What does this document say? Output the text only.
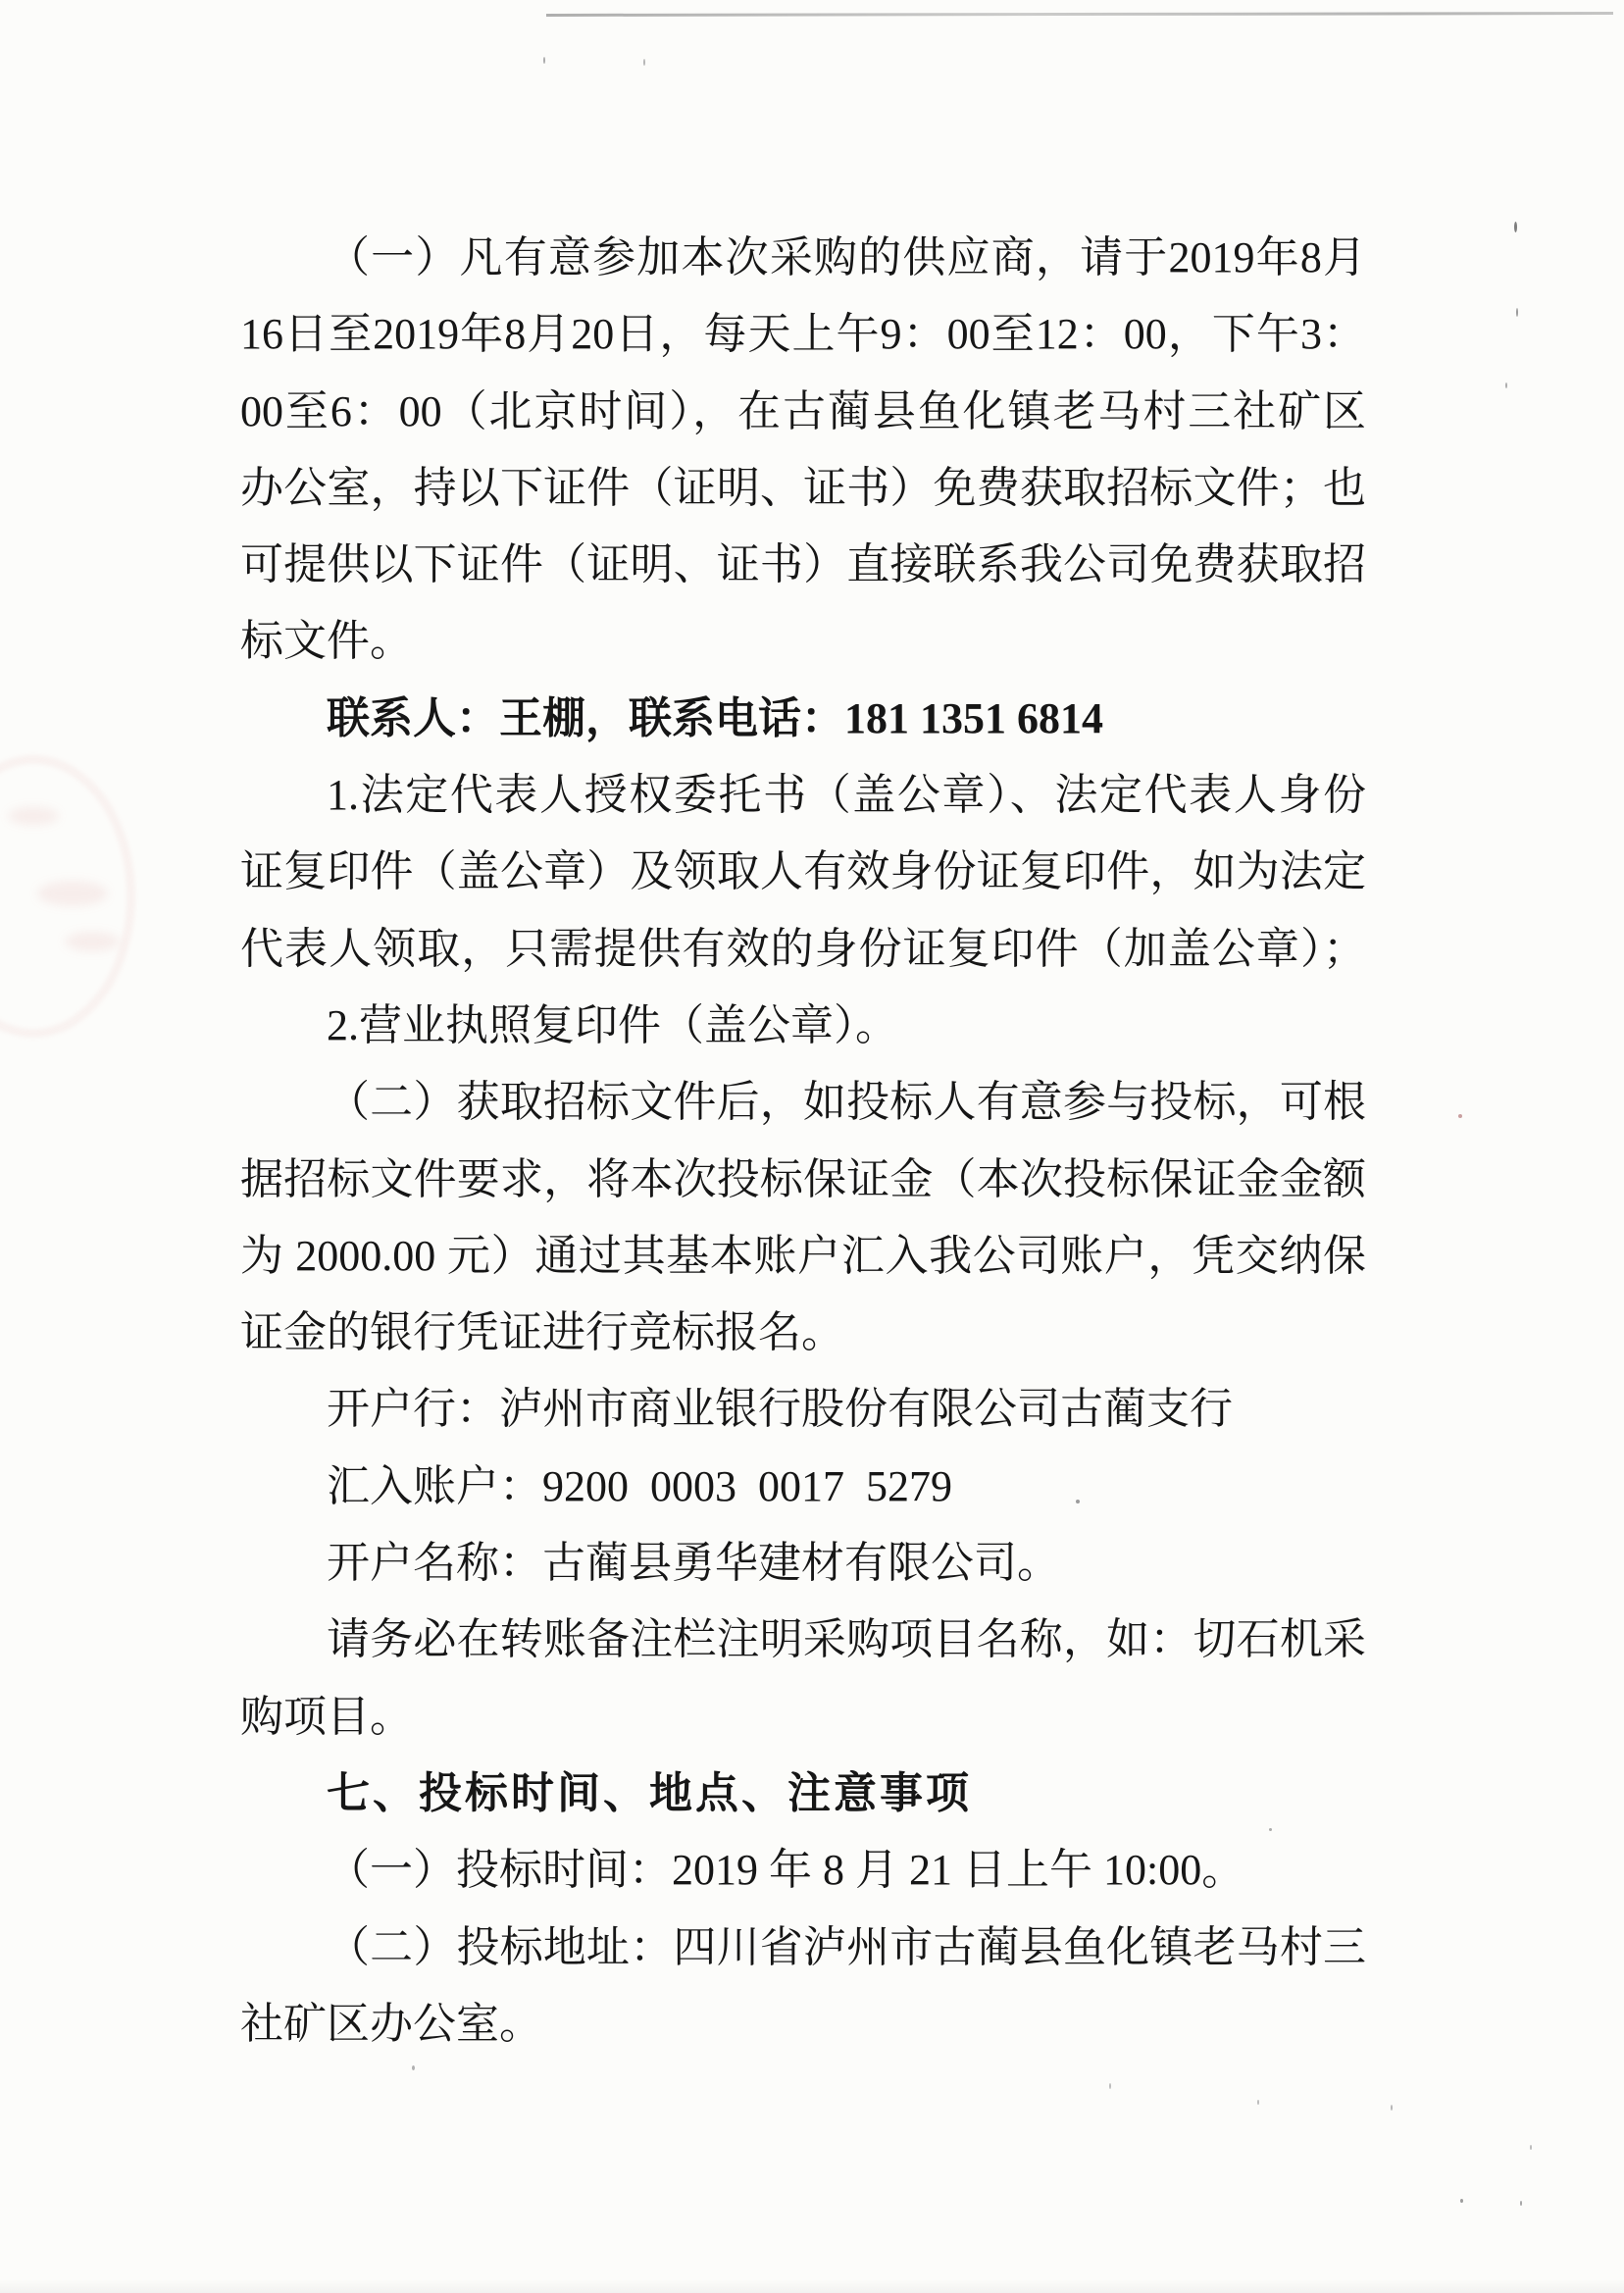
（一）凡有意参加本次采购的供应商，请于2019年8月
16日至2019年8月20日，每天上午9：00至12：00，下午3：
00至6：00（北京时间），在古蔺县鱼化镇老马村三社矿区
办公室，持以下证件（证明、证书）免费获取招标文件；也
可提供以下证件（证明、证书）直接联系我公司免费获取招
标文件。
联系人：王棚，联系电话：181 1351 6814
1.法定代表人授权委托书（盖公章）、法定代表人身份
证复印件（盖公章）及领取人有效身份证复印件，如为法定
代表人领取，只需提供有效的身份证复印件（加盖公章）；
2.营业执照复印件（盖公章）。
（二）获取招标文件后，如投标人有意参与投标，可根
据招标文件要求，将本次投标保证金（本次投标保证金金额
为 2000.00 元）通过其基本账户汇入我公司账户，凭交纳保
证金的银行凭证进行竞标报名。
开户行：泸州市商业银行股份有限公司古蔺支行
汇入账户：9200  0003  0017  5279
开户名称：古蔺县勇华建材有限公司。
请务必在转账备注栏注明采购项目名称，如：切石机采
购项目。
七、投标时间、地点、注意事项
（一）投标时间：2019 年 8 月 21 日上午 10:00。
（二）投标地址：四川省泸州市古蔺县鱼化镇老马村三
社矿区办公室。
